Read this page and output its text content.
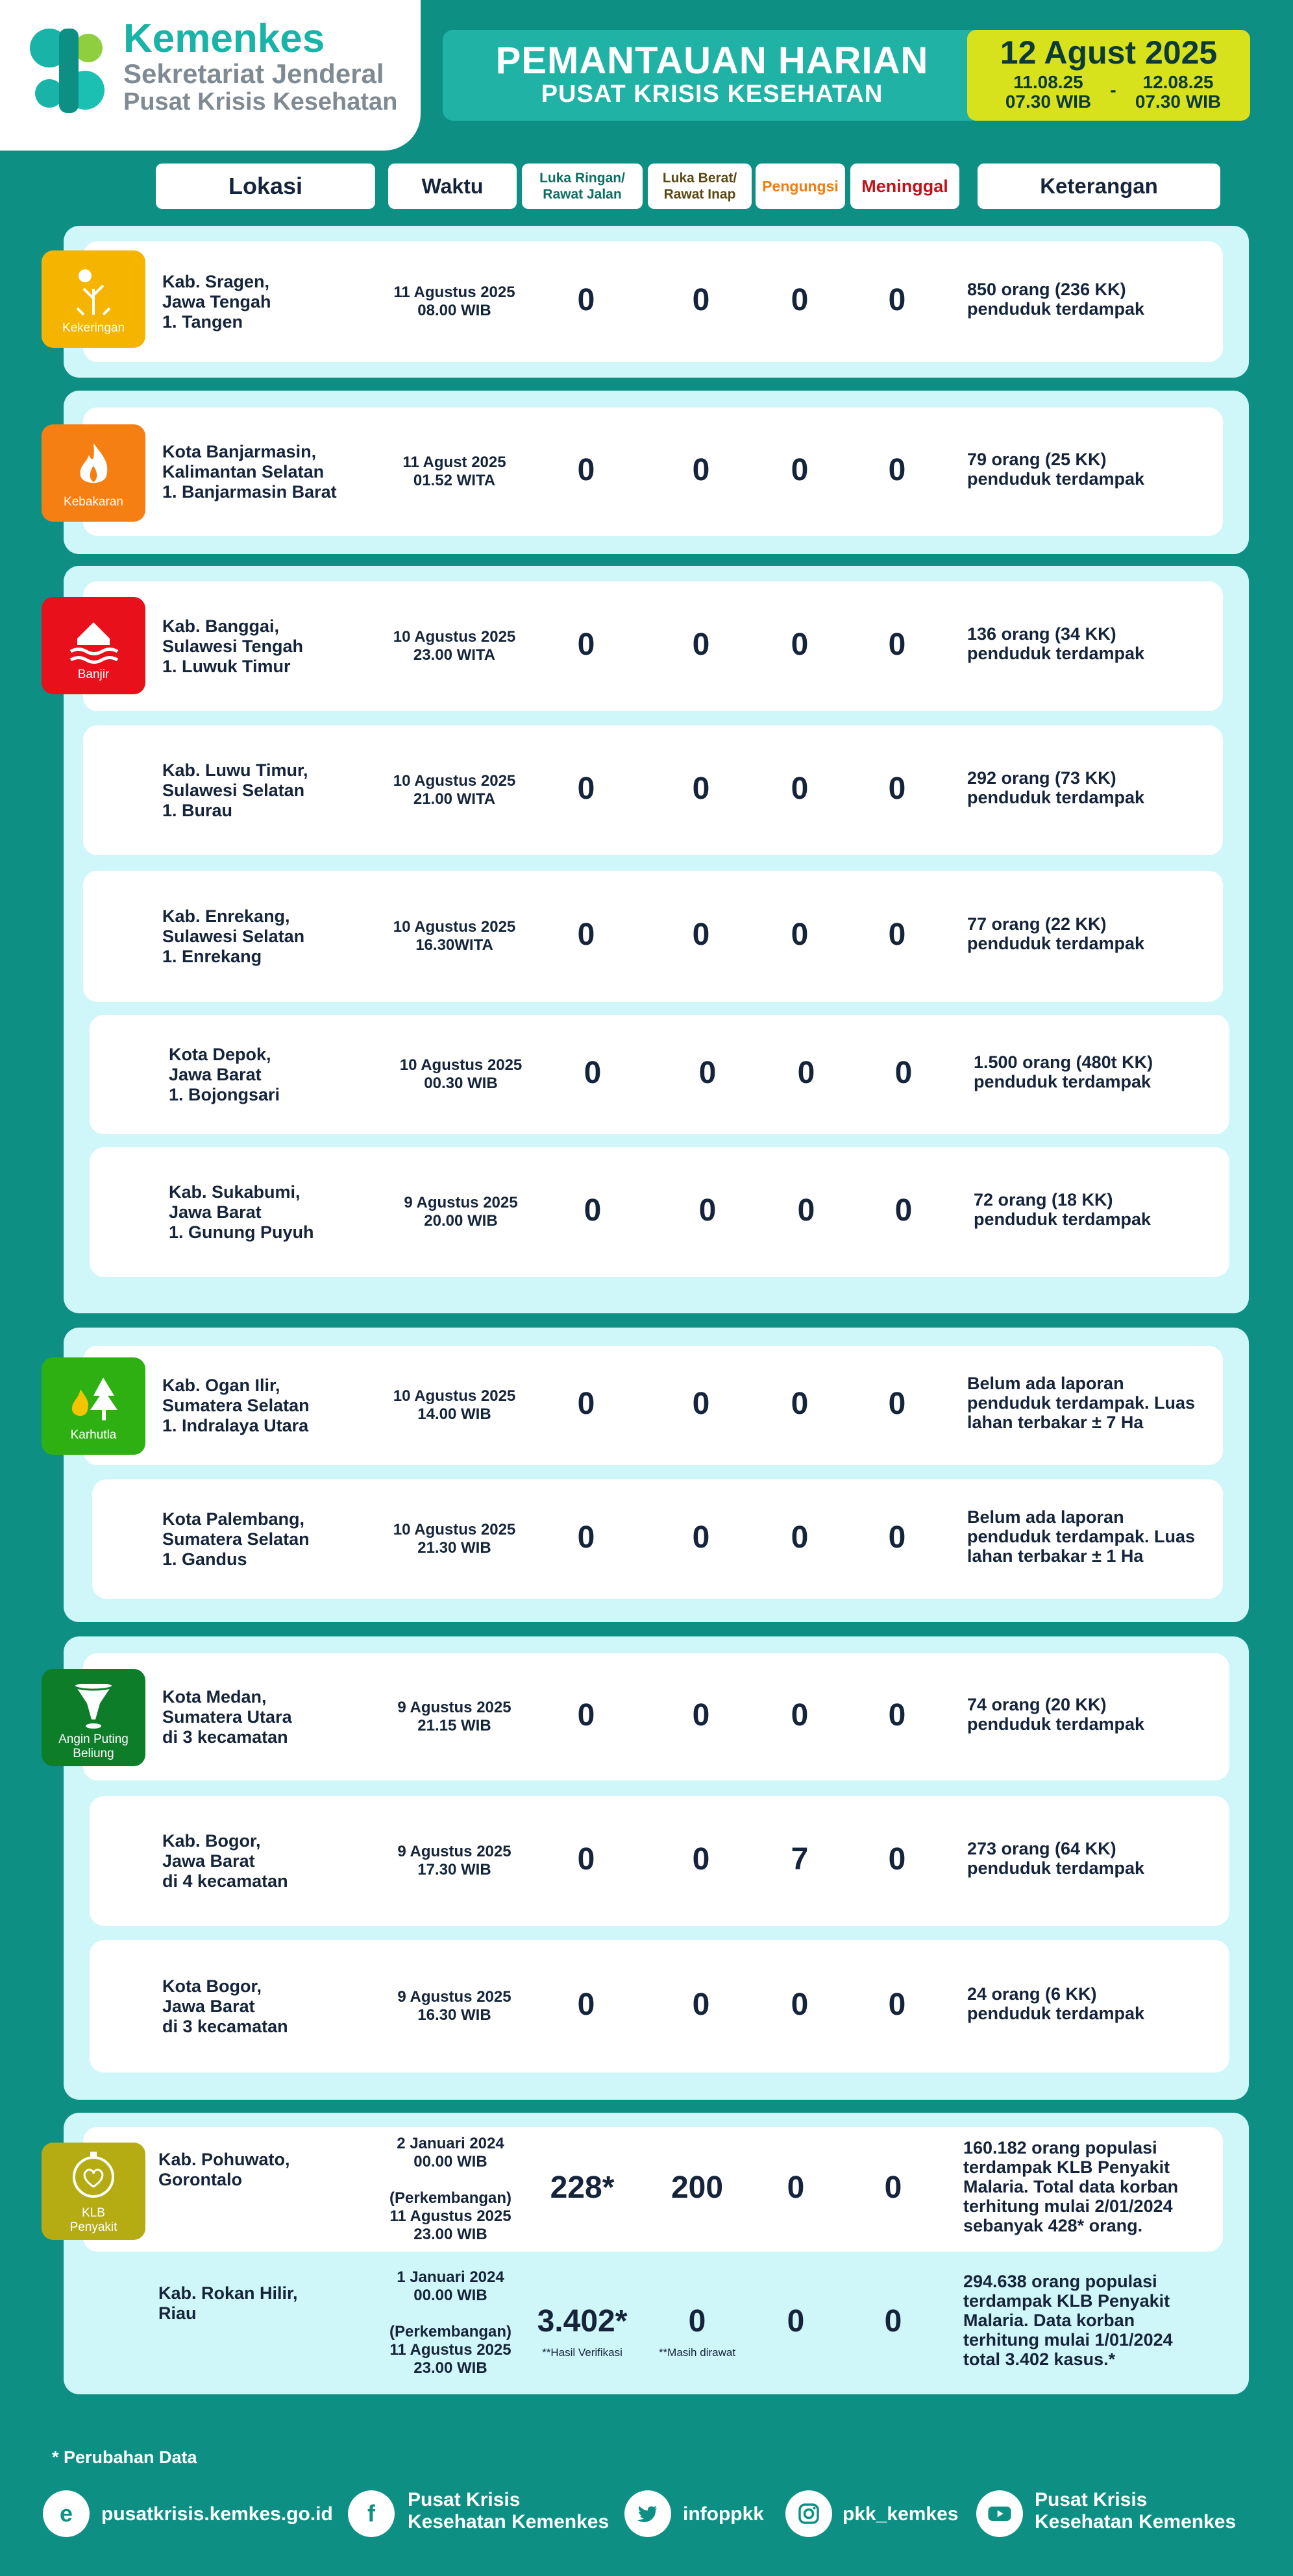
Kemenkes
Sekretariat Jenderal
Pusat Krisis Kesehatan
PEMANTAUAN HARIAN
PUSAT KRISIS KESEHATAN
12 Agust 2025
11.08.25
07.30 WIB
-	12.08.25
07.30 WIB
Lokasi	Waktu	Luka Ringan/
Rawat Jalan
Luka Berat/
Rawat Inap	Pengungsi	Meninggal	Keterangan
Kekeringan
Kebakaran
Banjir
Karhutla
Angin Puting
Beliung
KLB
Penyakit
Kab. Sragen,
Jawa Tengah
1. Tangen
11 Agustus 2025
08.00 WIB	0	0	0	0	850 orang (236 KK)
penduduk terdampak
Kota Banjarmasin,
Kalimantan Selatan
1. Banjarmasin Barat
11 Agust 2025
01.52 WITA	0	0	0	0	79 orang (25 KK)
penduduk terdampak
Kab. Banggai,
Sulawesi Tengah
1. Luwuk Timur
10 Agustus 2025
23.00 WITA	0	0	0	0	136 orang (34 KK)
penduduk terdampak
Kab. Luwu Timur,
Sulawesi Selatan
1. Burau
10 Agustus 2025
21.00 WITA	0	0	0	0	292 orang (73 KK)
penduduk terdampak
Kab. Enrekang,
Sulawesi Selatan
1. Enrekang
10 Agustus 2025
16.30WITA	0	0	0	0	77 orang (22 KK)
penduduk terdampak
Kota Depok,
Jawa Barat
1. Bojongsari
10 Agustus 2025
00.30 WIB	0	0	0	0	1.500 orang (480t KK)
penduduk terdampak
Kab. Sukabumi,
Jawa Barat
1. Gunung Puyuh
9 Agustus 2025
20.00 WIB	0	0	0	0	72 orang (18 KK)
penduduk terdampak
Kab. Ogan Ilir,
Sumatera Selatan
1. Indralaya Utara
10 Agustus 2025
14.00 WIB	0	0	0	0
Belum ada laporan
penduduk terdampak. Luas
lahan terbakar ± 7 Ha
Kota Palembang,
Sumatera Selatan
1. Gandus
10 Agustus 2025
21.30 WIB	0	0	0	0
Belum ada laporan
penduduk terdampak. Luas
lahan terbakar ± 1 Ha
Kota Medan,
Sumatera Utara
di 3 kecamatan
9 Agustus 2025
21.15 WIB	0	0	0	0	74 orang (20 KK)
penduduk terdampak
Kab. Bogor,
Jawa Barat
di 4 kecamatan
9 Agustus 2025
17.30 WIB	0	0	7	0	273 orang (64 KK)
penduduk terdampak
Kota Bogor,
Jawa Barat
di 3 kecamatan
9 Agustus 2025
16.30 WIB	0	0	0	0	24 orang (6 KK)
penduduk terdampak
Kab. Pohuwato,
Gorontalo
2 Januari 2024
00.00 WIB

(Perkembangan)
11 Agustus 2025
23.00 WIB
228*	200	0	0
160.182 orang populasi
terdampak KLB Penyakit
Malaria. Total data korban
terhitung mulai 2/01/2024
sebanyak 428* orang.
Kab. Rokan Hilir,
Riau
1 Januari 2024
00.00 WIB

(Perkembangan)
11 Agustus 2025
23.00 WIB
3.402*	0	0	0
294.638 orang populasi
terdampak KLB Penyakit
Malaria. Data korban
terhitung mulai 1/01/2024
total 3.402 kasus.*
**Hasil Verifikasi	**Masih dirawat
* Perubahan Data
e	pusatkrisis.kemkes.go.id	f
Pusat Krisis
Kesehatan Kemenkes	infoppkk	pkk_kemkes
Pusat Krisis
Kesehatan Kemenkes
